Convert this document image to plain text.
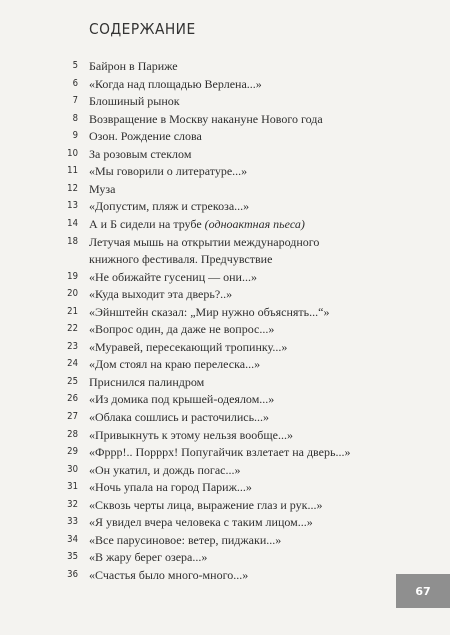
СОДЕРЖАНИЕ
5 Байрон в Париже
6 «Когда над площадью Верлена...»
7 Блошиный рынок
8 Возвращение в Москву накануне Нового года
9 Озон. Рождение слова
10 За розовым стеклом
11 «Мы говорили о литературе...»
12 Муза
13 «Допустим, пляж и стрекоза...»
14 А и Б сидели на трубе (одноактная пьеса)
18 Летучая мышь на открытии международного
книжного фестиваля. Предчувствие
19 «Не обижайте гусениц — они...»
20 «Куда выходит эта дверь?..»
21 «Эйнштейн сказал: „Мир нужно объяснять...“»
22 «Вопрос один, да даже не вопрос...»
23 «Муравей, пересекающий тропинку...»
24 «Дом стоял на краю перелеска...»
25 Приснился палиндром
26 «Из домика под крышей-одеялом...»
27 «Облака сошлись и расточились...»
28 «Привыкнуть к этому нельзя вообще...»
29 «Фррр!.. Порррх! Попугайчик взлетает на дверь...»
30 «Он укатил, и дождь погас...»
31 «Ночь упала на город Париж...»
32 «Сквозь черты лица, выражение глаз и рук...»
33 «Я увидел вчера человека с таким лицом...»
34 «Все парусиновое: ветер, пиджаки...»
35 «В жару берег озера...»
36 «Счастья было много-много...»
67
